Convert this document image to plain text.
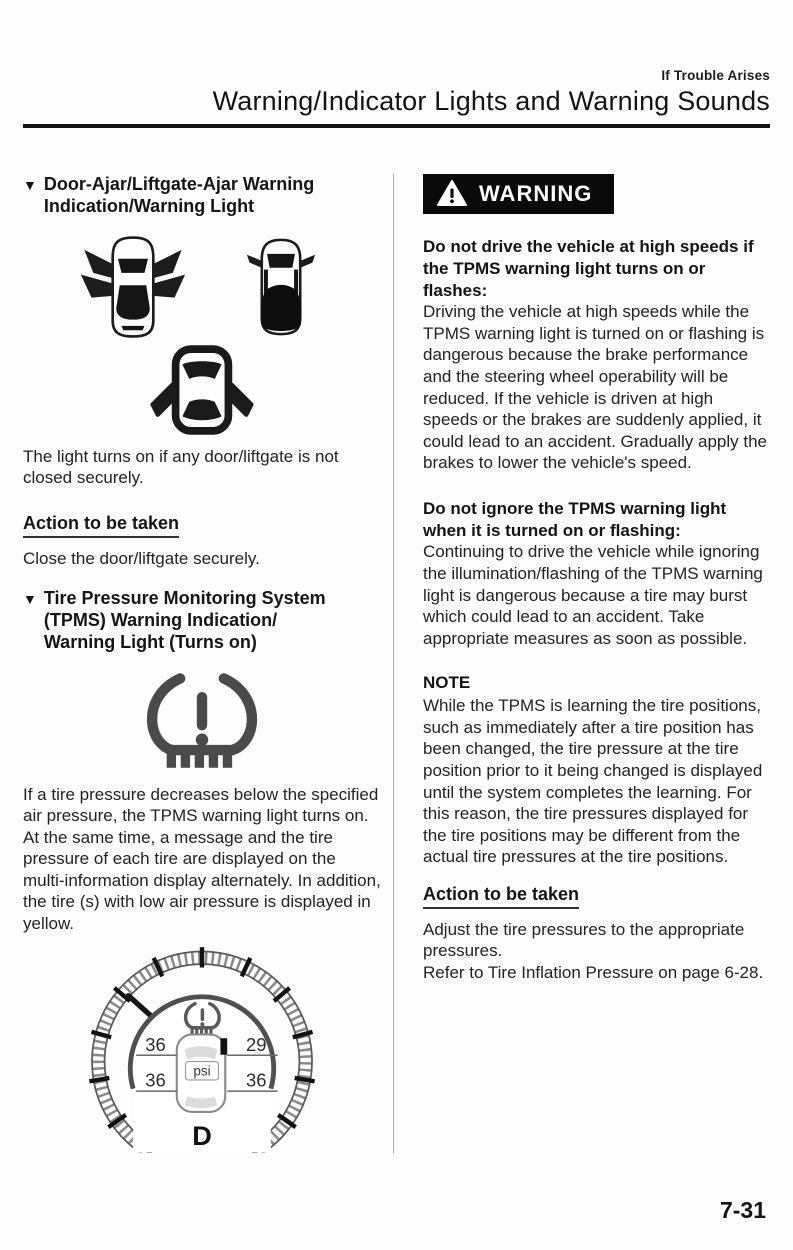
If Trouble Arises
Warning/Indicator Lights and Warning Sounds
▼ Door-Ajar/Liftgate-Ajar Warning
Indication/Warning Light

The light turns on if any door/liftgate is not closed securely.

Action to be taken

Close the door/liftgate securely.

▼ Tire Pressure Monitoring System
(TPMS) Warning Indication/
Warning Light (Turns on)

If a tire pressure decreases below the specified air pressure, the TPMS warning light turns on.

At the same time, a message and the tire pressure of each tire are displayed on the multi-information display alternately. In addition, the tire (s) with low air pressure is displayed in yellow.

psi
36	29
36	36
D
WARNING

Do not drive the vehicle at high speeds if the TPMS warning light turns on or flashes:

Driving the vehicle at high speeds while the TPMS warning light is turned on or flashing is dangerous because the brake performance and the steering wheel operability will be reduced. If the vehicle is driven at high speeds or the brakes are suddenly applied, it could lead to an accident. Gradually apply the brakes to lower the vehicle's speed.

Do not ignore the TPMS warning light when it is turned on or flashing:

Continuing to drive the vehicle while ignoring the illumination/flashing of the TPMS warning light is dangerous because a tire may burst which could lead to an accident. Take appropriate measures as soon as possible.

NOTE

While the TPMS is learning the tire positions, such as immediately after a tire position has been changed, the tire pressure at the tire position prior to it being changed is displayed until the system completes the learning. For this reason, the tire pressures displayed for the tire positions may be different from the actual tire pressures at the tire positions.

Action to be taken

Adjust the tire pressures to the appropriate pressures.

Refer to Tire Inflation Pressure on page 6-28.

7-31
